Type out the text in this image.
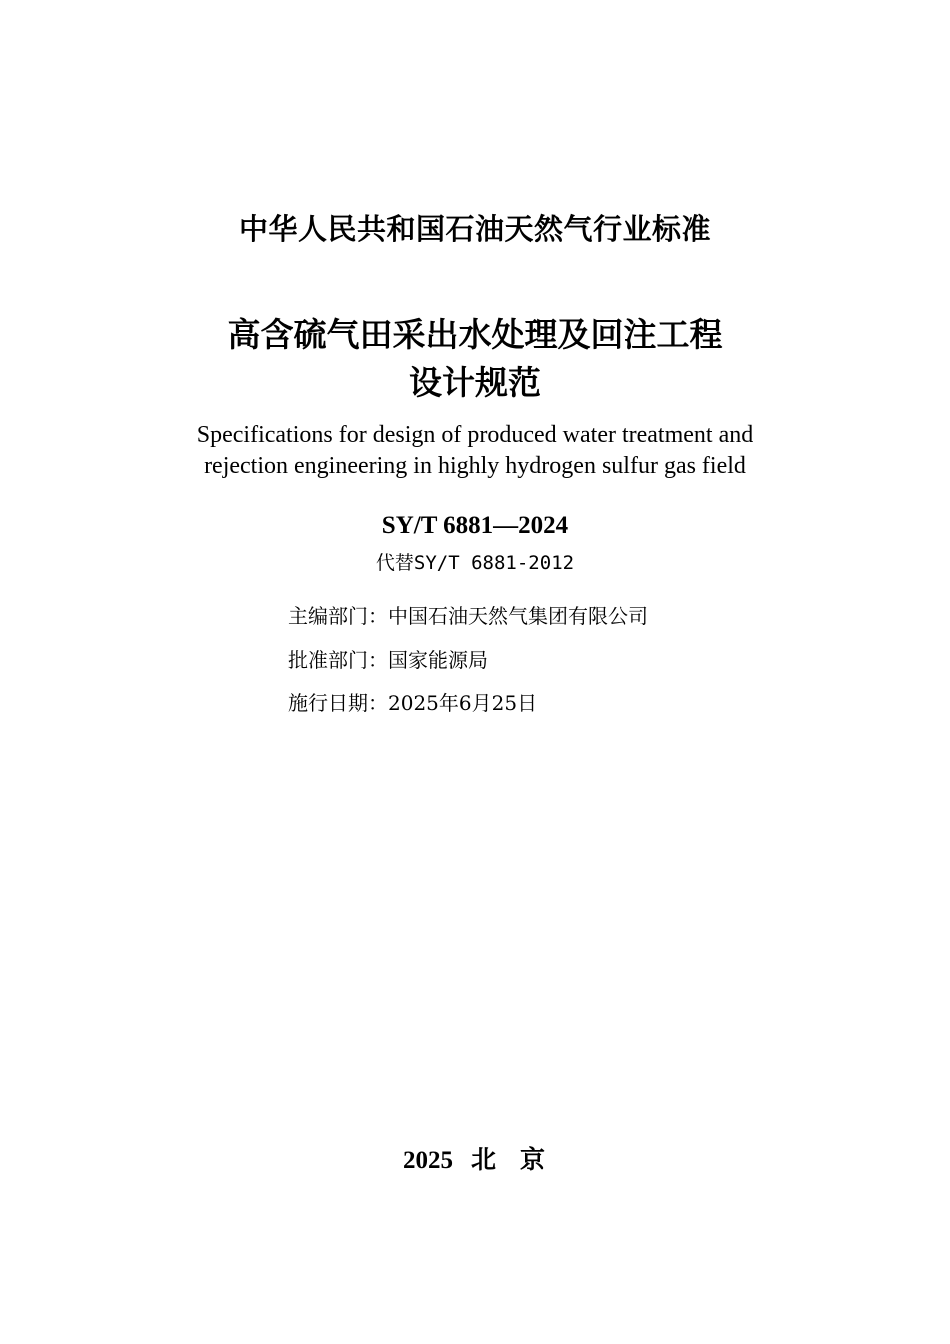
中华人民共和国石油天然气行业标准
高含硫气田采出水处理及回注工程
设计规范
Specifications for design of produced water treatment and
rejection engineering in highly hydrogen sulfur gas field
SY/T 6881—2024
代替SY/T 6881-2012
主编部门：中国石油天然气集团有限公司
批准部门：国家能源局
施行日期：2025年6月25日
2025 北 京
